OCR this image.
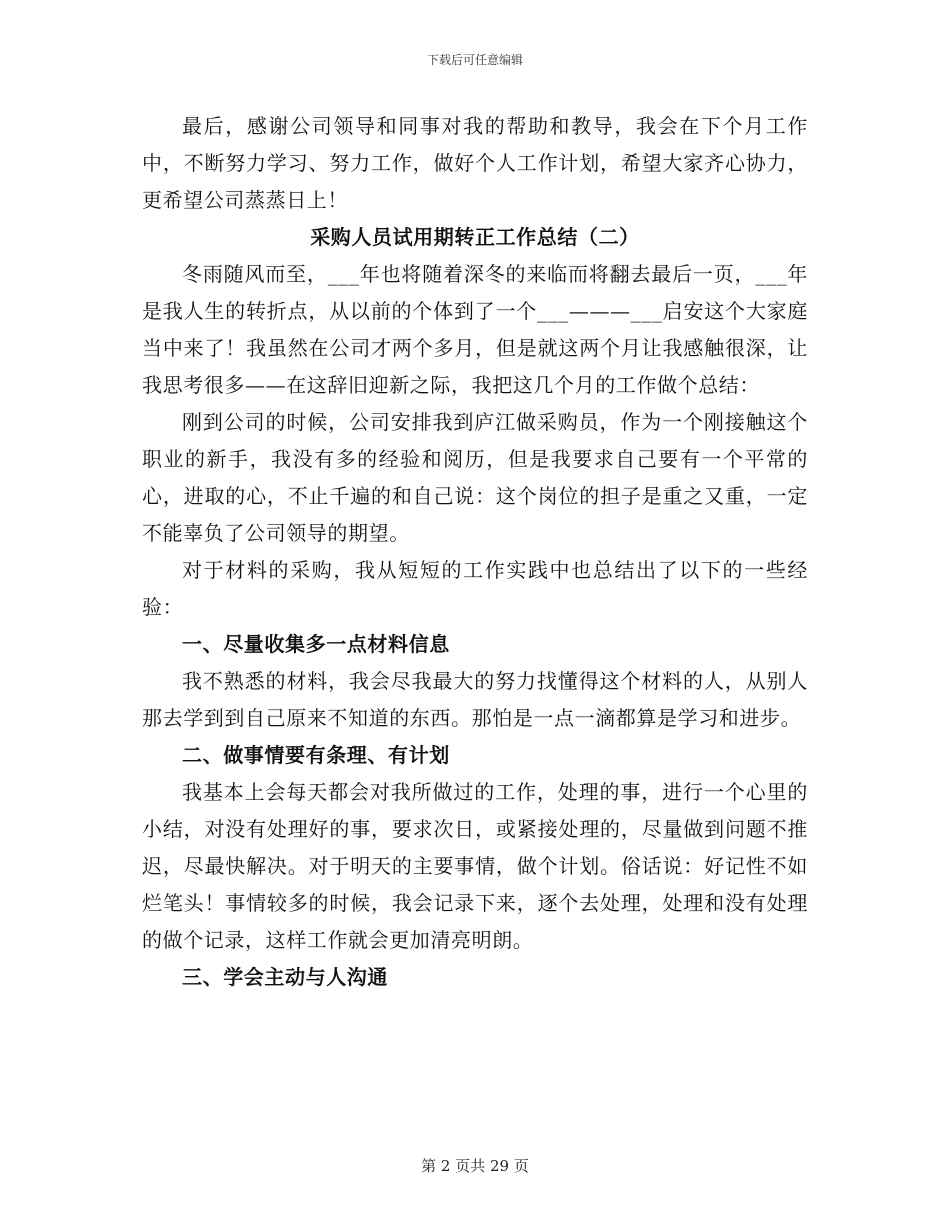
下载后可任意编辑

最后，感谢公司领导和同事对我的帮助和教导，我会在下个月工作中，不断努力学习、努力工作，做好个人工作计划，希望大家齐心协力，更希望公司蒸蒸日上！

采购人员试用期转正工作总结（二）

冬雨随风而至，___年也将随着深冬的来临而将翻去最后一页，___年是我人生的转折点，从以前的个体到了一个___———___启安这个大家庭当中来了！我虽然在公司才两个多月，但是就这两个月让我感触很深，让我思考很多——在这辞旧迎新之际，我把这几个月的工作做个总结：

刚到公司的时候，公司安排我到庐江做采购员，作为一个刚接触这个职业的新手，我没有多的经验和阅历，但是我要求自己要有一个平常的心，进取的心，不止千遍的和自己说：这个岗位的担子是重之又重，一定不能辜负了公司领导的期望。

对于材料的采购，我从短短的工作实践中也总结出了以下的一些经验：

一、尽量收集多一点材料信息

我不熟悉的材料，我会尽我最大的努力找懂得这个材料的人，从别人那去学到到自己原来不知道的东西。那怕是一点一滴都算是学习和进步。

二、做事情要有条理、有计划

我基本上会每天都会对我所做过的工作，处理的事，进行一个心里的小结，对没有处理好的事，要求次日，或紧接处理的，尽量做到问题不推迟，尽最快解决。对于明天的主要事情，做个计划。俗话说：好记性不如烂笔头！事情较多的时候，我会记录下来，逐个去处理，处理和没有处理的做个记录，这样工作就会更加清亮明朗。

三、学会主动与人沟通

第 2 页共 29 页
